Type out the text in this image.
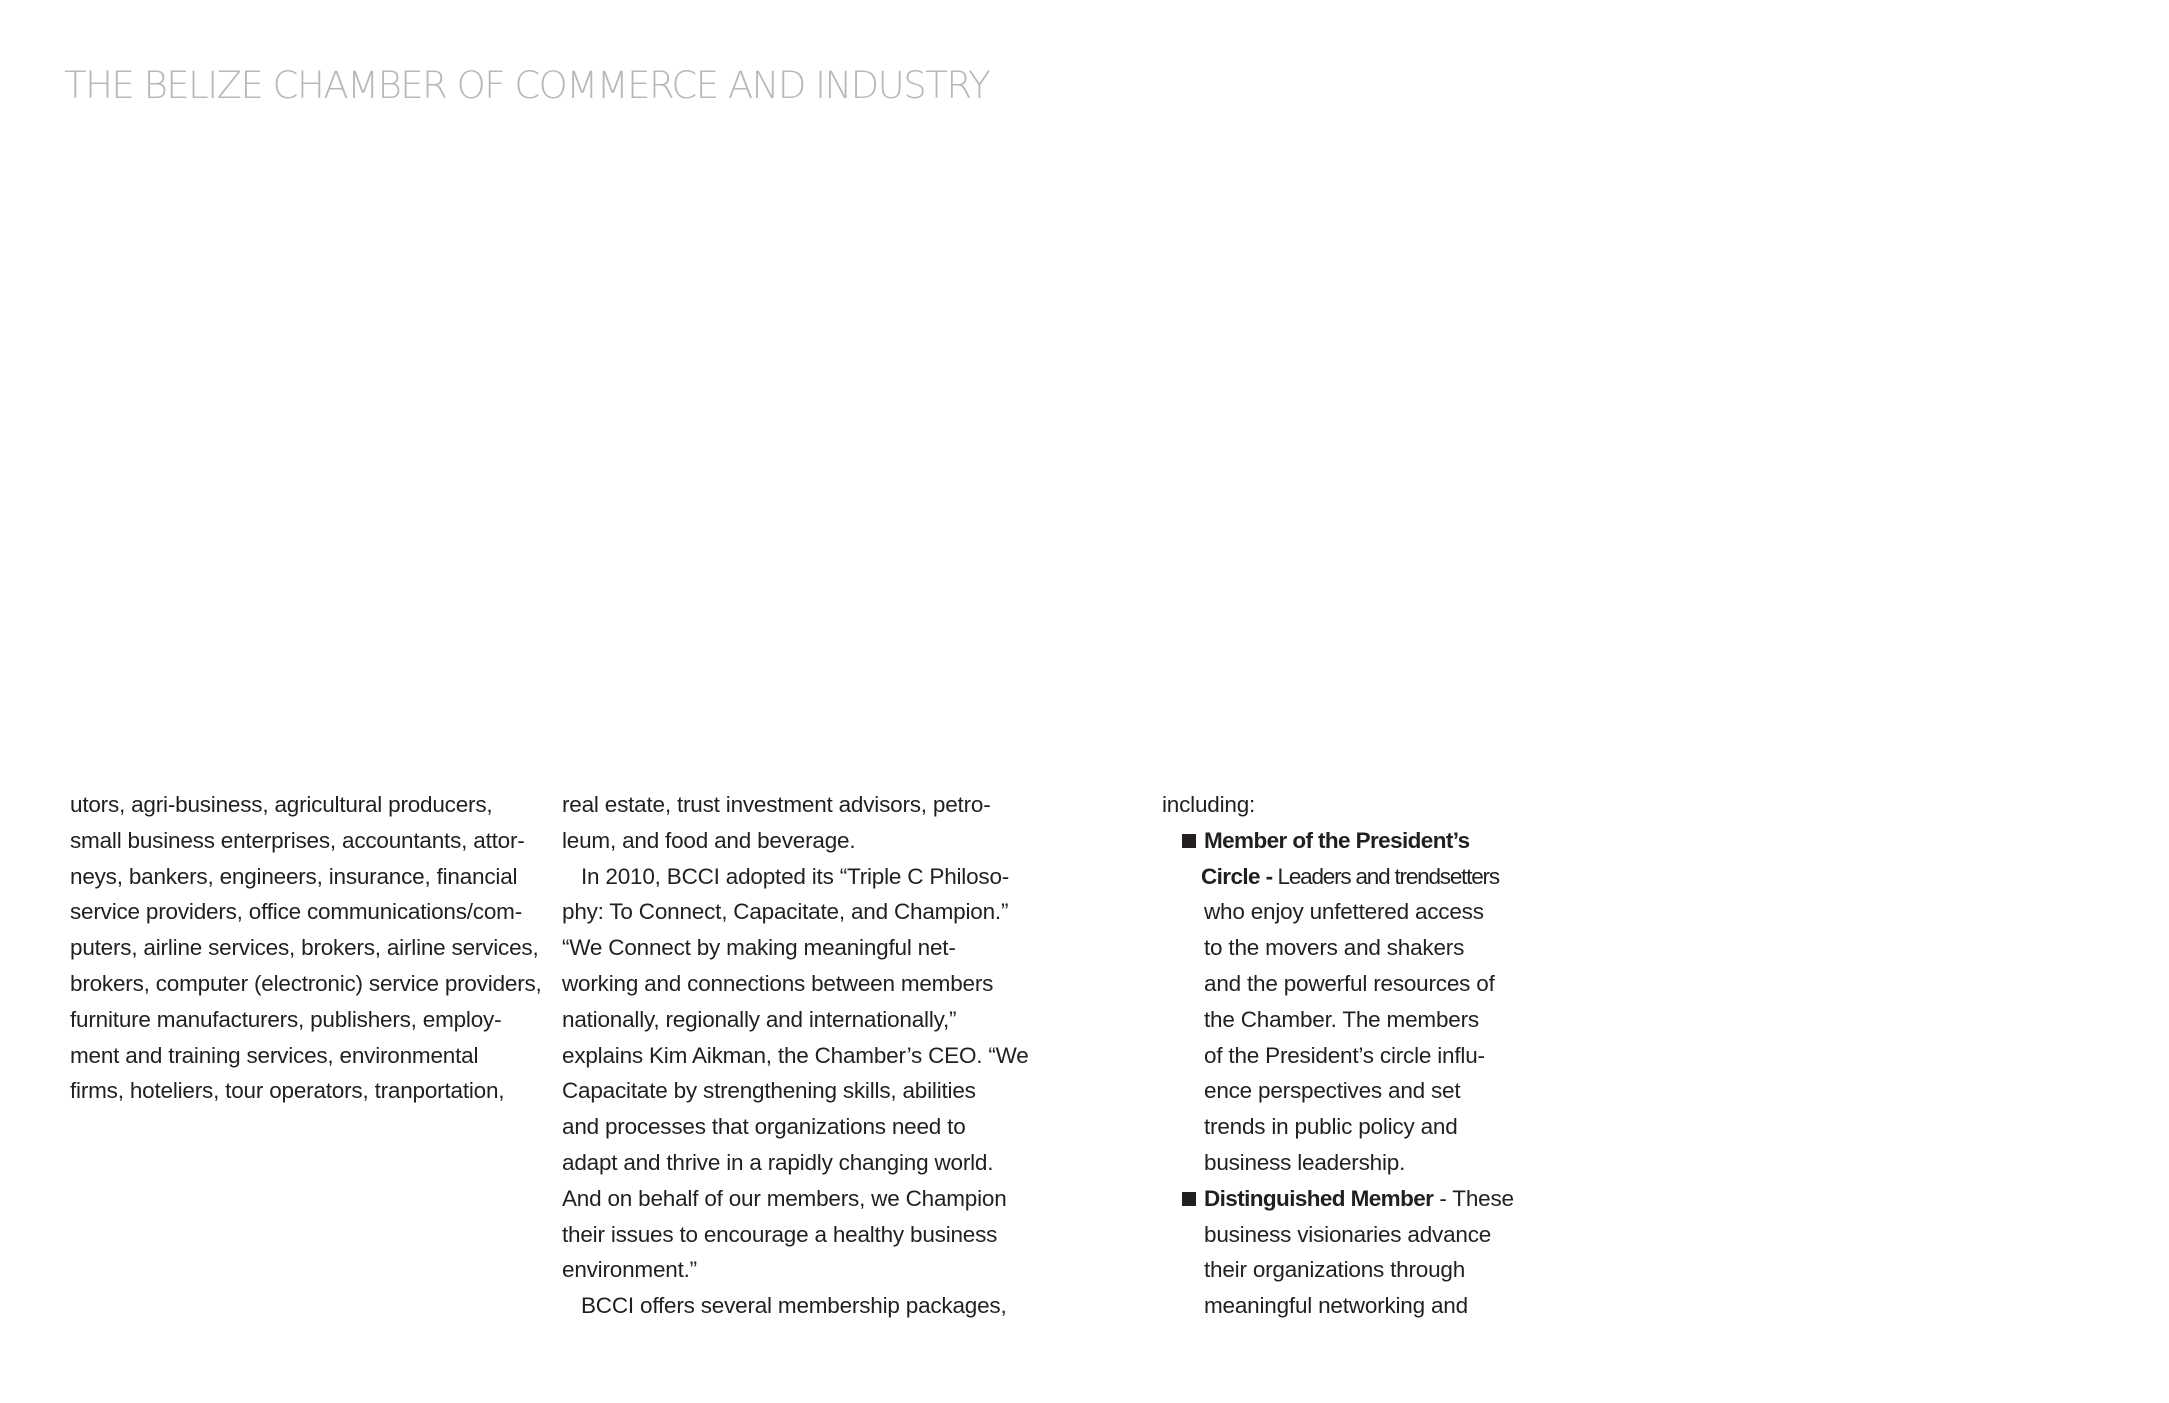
THE BELIZE CHAMBER OF COMMERCE AND INDUSTRY
utors, agri-business, agricultural producers,
small business enterprises, accountants, attor-
neys, bankers, engineers, insurance, financial
service providers, office communications/com-
puters, airline services, brokers, airline services,
brokers, computer (electronic) service providers,
furniture manufacturers, publishers, employ-
ment and training services, environmental
firms, hoteliers, tour operators, tranportation,

real estate, trust investment advisors, petro-
leum, and food and beverage.

In 2010, BCCI adopted its “Triple C Philoso-
phy: To Connect, Capacitate, and Champion.”
“We Connect by making meaningful net-
working and connections between members
nationally, regionally and internationally,”
explains Kim Aikman, the Chamber’s CEO. “We
Capacitate by strengthening skills, abilities
and processes that organizations need to
adapt and thrive in a rapidly changing world.
And on behalf of our members, we Champion
their issues to encourage a healthy business
environment.”

BCCI offers several membership packages,

including:
Member of the President’s
Circle - Leaders and trendsetters
who enjoy unfettered access
to the movers and shakers
and the powerful resources of
the Chamber. The members
of the President’s circle influ-
ence perspectives and set
trends in public policy and
business leadership.
Distinguished Member - These
business visionaries advance
their organizations through
meaningful networking and
